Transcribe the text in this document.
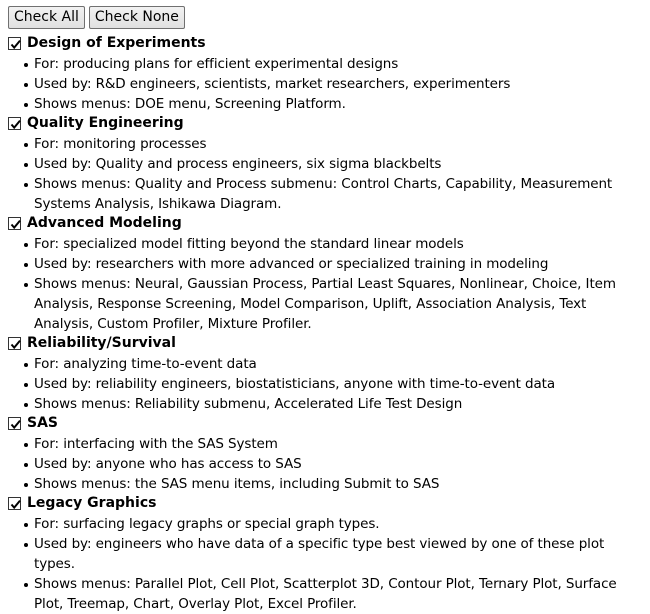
Check All	Check None
Design of Experiments
For: producing plans for efficient experimental designs
Used by: R&D engineers, scientists, market researchers, experimenters
Shows menus: DOE menu, Screening Platform.
Quality Engineering
For: monitoring processes
Used by: Quality and process engineers, six sigma blackbelts
Shows menus: Quality and Process submenu: Control Charts, Capability, Measurement Systems Analysis, Ishikawa Diagram.
Advanced Modeling
For: specialized model fitting beyond the standard linear models
Used by: researchers with more advanced or specialized training in modeling
Shows menus: Neural, Gaussian Process, Partial Least Squares, Nonlinear, Choice, Item Analysis, Response Screening, Model Comparison, Uplift, Association Analysis, Text Analysis, Custom Profiler, Mixture Profiler.
Reliability/Survival
For: analyzing time-to-event data
Used by: reliability engineers, biostatisticians, anyone with time-to-event data
Shows menus: Reliability submenu, Accelerated Life Test Design
SAS
For: interfacing with the SAS System
Used by: anyone who has access to SAS
Shows menus: the SAS menu items, including Submit to SAS
Legacy Graphics
For: surfacing legacy graphs or special graph types.
Used by: engineers who have data of a specific type best viewed by one of these plot types.
Shows menus: Parallel Plot, Cell Plot, Scatterplot 3D, Contour Plot, Ternary Plot, Surface Plot, Treemap, Chart, Overlay Plot, Excel Profiler.
